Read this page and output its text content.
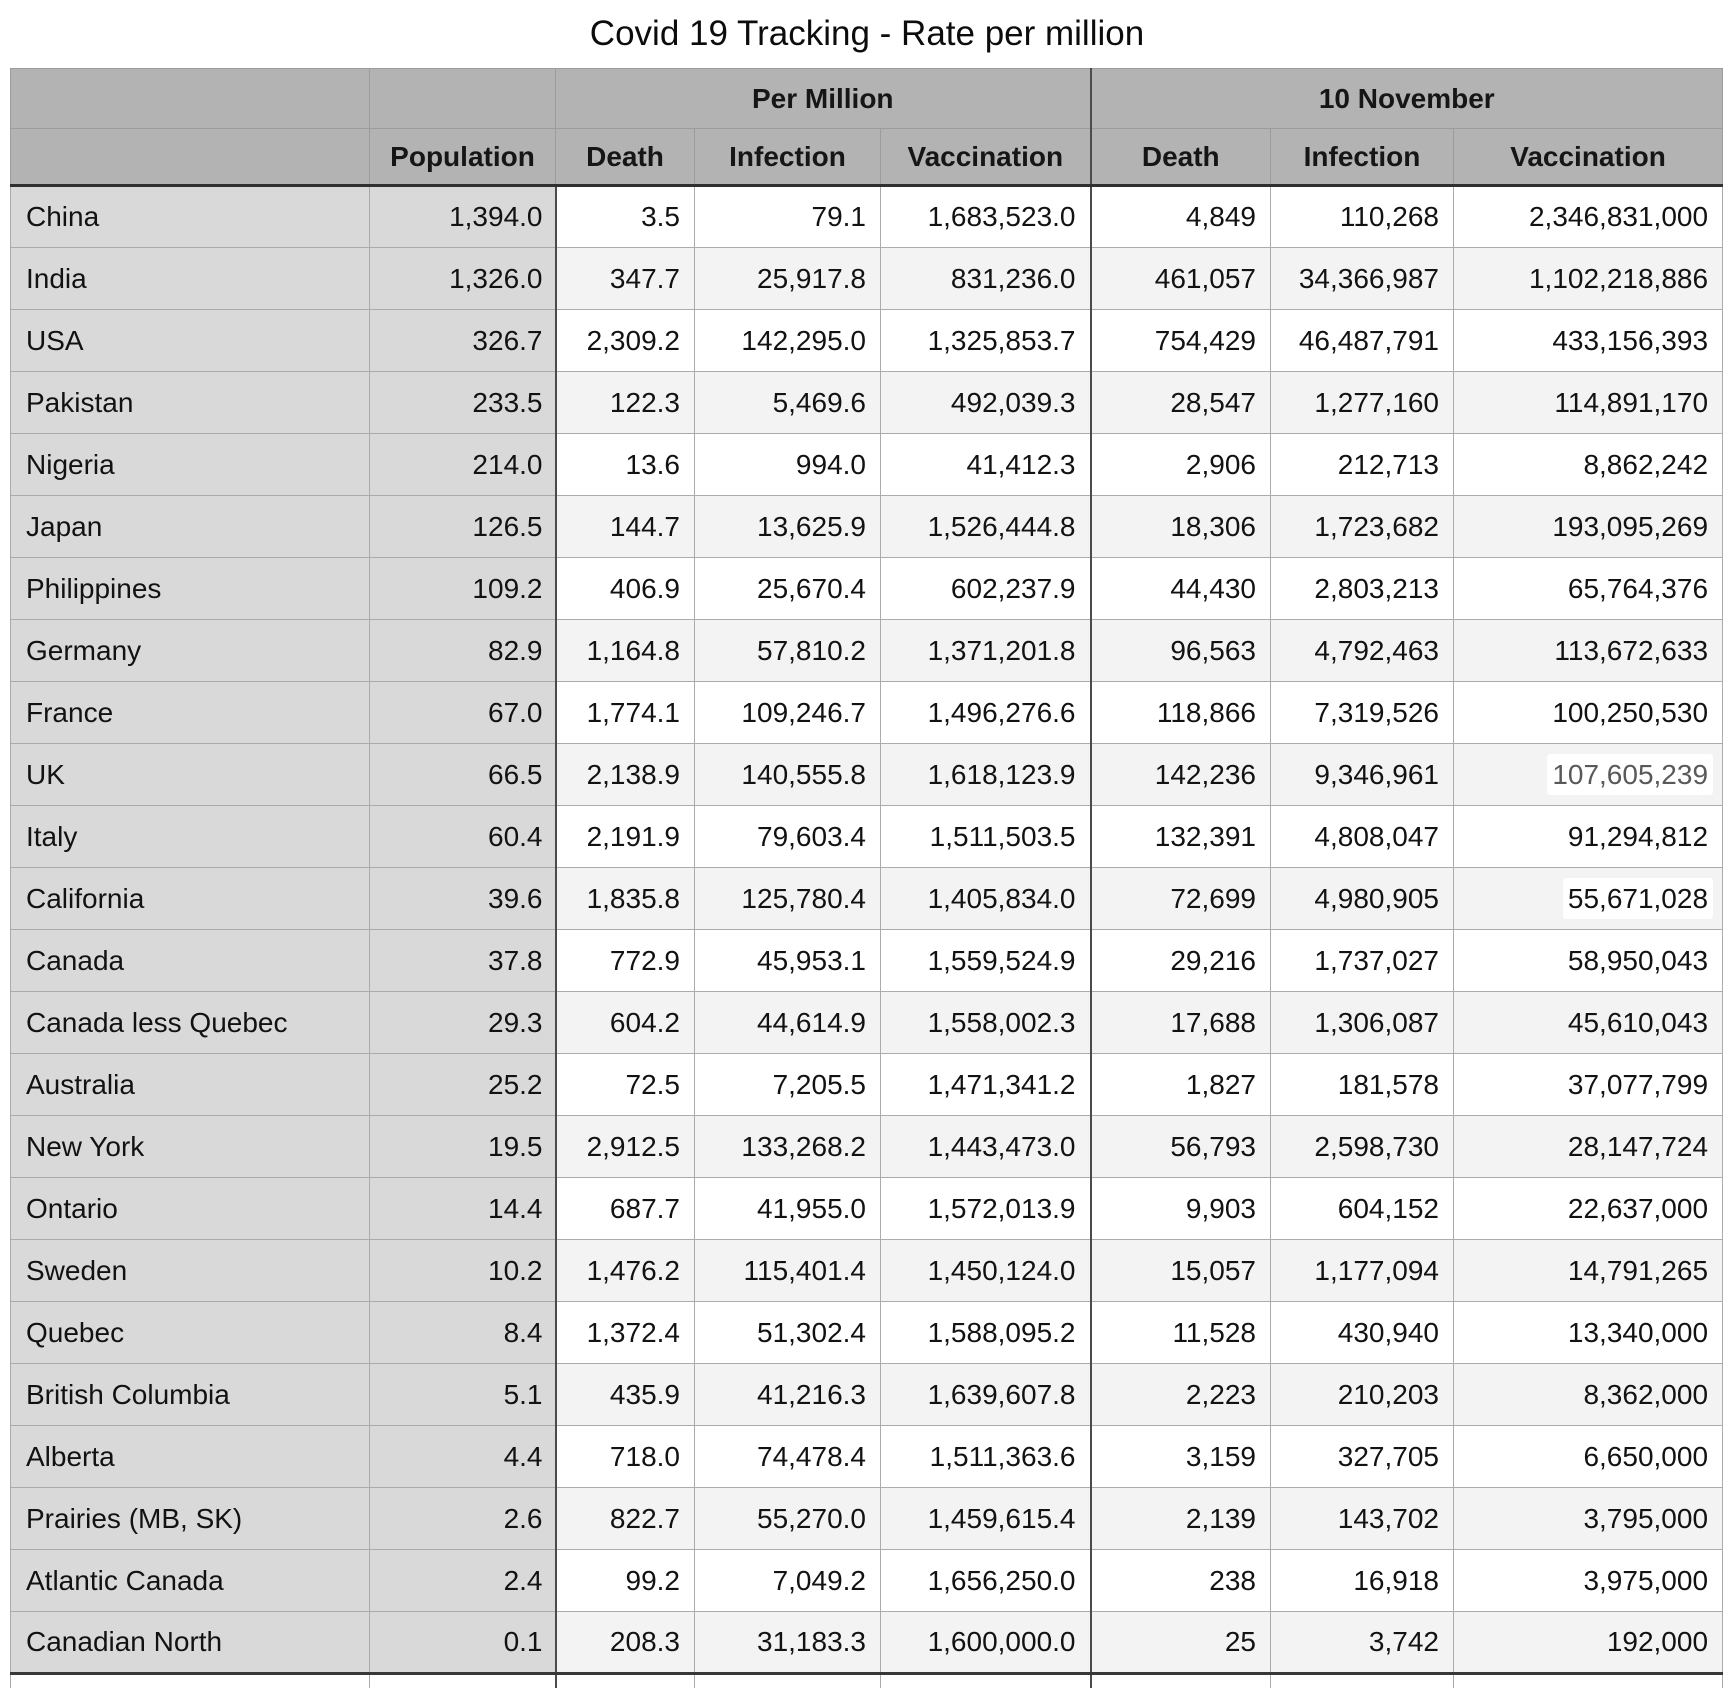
Covid 19 Tracking - Rate per million
		Per Million			10 November		
	Population	Death	Infection	Vaccination	Death	Infection	Vaccination
China	1,394.0	3.5	79.1	1,683,523.0	4,849	110,268	2,346,831,000
India	1,326.0	347.7	25,917.8	831,236.0	461,057	34,366,987	1,102,218,886
USA	326.7	2,309.2	142,295.0	1,325,853.7	754,429	46,487,791	433,156,393
Pakistan	233.5	122.3	5,469.6	492,039.3	28,547	1,277,160	114,891,170
Nigeria	214.0	13.6	994.0	41,412.3	2,906	212,713	8,862,242
Japan	126.5	144.7	13,625.9	1,526,444.8	18,306	1,723,682	193,095,269
Philippines	109.2	406.9	25,670.4	602,237.9	44,430	2,803,213	65,764,376
Germany	82.9	1,164.8	57,810.2	1,371,201.8	96,563	4,792,463	113,672,633
France	67.0	1,774.1	109,246.7	1,496,276.6	118,866	7,319,526	100,250,530
UK	66.5	2,138.9	140,555.8	1,618,123.9	142,236	9,346,961	107,605,239
Italy	60.4	2,191.9	79,603.4	1,511,503.5	132,391	4,808,047	91,294,812
California	39.6	1,835.8	125,780.4	1,405,834.0	72,699	4,980,905	55,671,028
Canada	37.8	772.9	45,953.1	1,559,524.9	29,216	1,737,027	58,950,043
Canada less Quebec	29.3	604.2	44,614.9	1,558,002.3	17,688	1,306,087	45,610,043
Australia	25.2	72.5	7,205.5	1,471,341.2	1,827	181,578	37,077,799
New York	19.5	2,912.5	133,268.2	1,443,473.0	56,793	2,598,730	28,147,724
Ontario	14.4	687.7	41,955.0	1,572,013.9	9,903	604,152	22,637,000
Sweden	10.2	1,476.2	115,401.4	1,450,124.0	15,057	1,177,094	14,791,265
Quebec	8.4	1,372.4	51,302.4	1,588,095.2	11,528	430,940	13,340,000
British Columbia	5.1	435.9	41,216.3	1,639,607.8	2,223	210,203	8,362,000
Alberta	4.4	718.0	74,478.4	1,511,363.6	3,159	327,705	6,650,000
Prairies (MB, SK)	2.6	822.7	55,270.0	1,459,615.4	2,139	143,702	3,795,000
Atlantic Canada	2.4	99.2	7,049.2	1,656,250.0	238	16,918	3,975,000
Canadian North	0.1	208.3	31,183.3	1,600,000.0	25	3,742	192,000
